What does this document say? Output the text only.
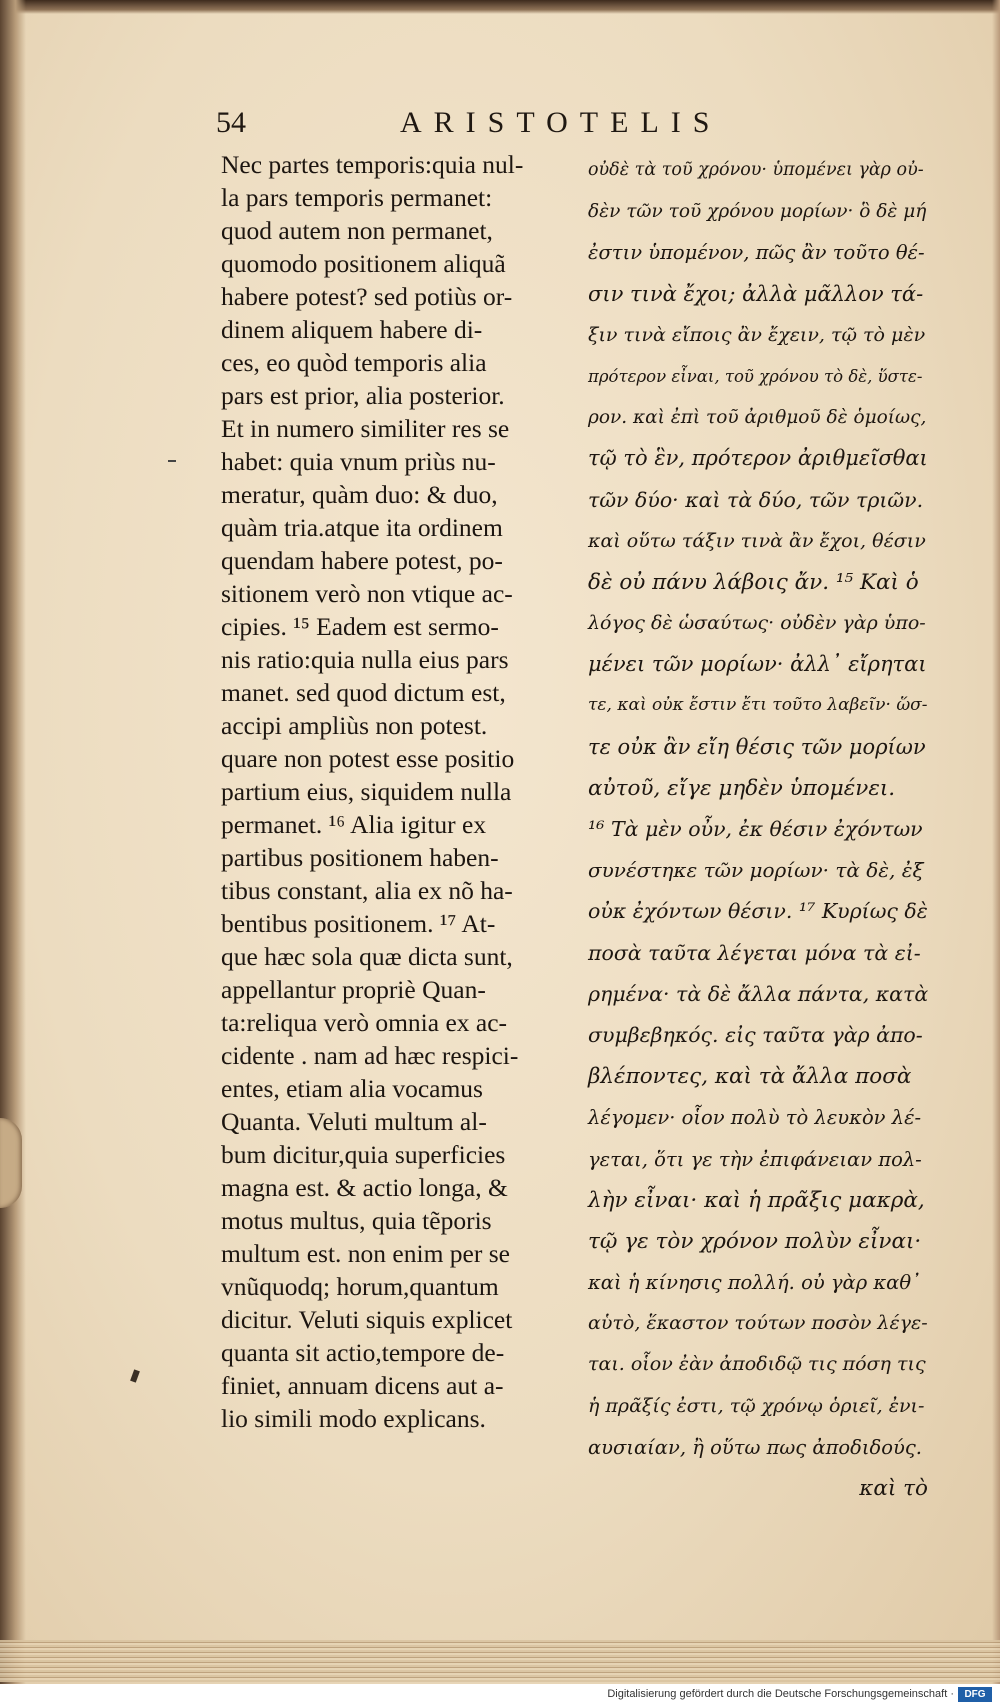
54	ARISTOTELIS
Nec partes temporis:quia nul-
la pars temporis permanet:
quod autem non permanet,
quomodo positionem aliquã
habere potest? sed potiùs or-
dinem aliquem habere di-
ces, eo quòd temporis alia
pars est prior, alia posterior.
Et in numero similiter res se
habet: quia vnum priùs nu-
meratur, quàm duo: & duo,
quàm tria.atque ita ordinem
quendam habere potest, po-
sitionem verò non vtique ac-
cipies. ¹⁵ Eadem est sermo-
nis ratio:quia nulla eius pars
manet. sed quod dictum est,
accipi ampliùs non potest.
quare non potest esse positio
partium eius, siquidem nulla
permanet. ¹⁶ Alia igitur ex
partibus positionem haben-
tibus constant, alia ex nõ ha-
bentibus positionem. ¹⁷ At-
que hæc sola quæ dicta sunt,
appellantur propriè Quan-
ta:reliqua verò omnia ex ac-
cidente . nam ad hæc respici-
entes, etiam alia vocamus
Quanta. Veluti multum al-
bum dicitur,quia superficies
magna est. & actio longa, &
motus multus, quia tẽporis
multum est. non enim per se
vnũquodq; horum,quantum
dicitur. Veluti siquis explicet
quanta sit actio,tempore de-
finiet, annuam dicens aut a-
lio simili modo explicans.
οὐδὲ τὰ τοῦ χρόνου· ὑπομένει γὰρ οὐ-
δὲν τῶν τοῦ χρόνου μορίων· ὃ δὲ μή
ἐστιν ὑπομένον, πῶς ἂν τοῦτο θέ-
σιν τινὰ ἔχοι; ἀλλὰ μᾶλλον τά-
ξιν τινὰ εἴποις ἂν ἔχειν, τῷ τὸ μὲν
πρότερον εἶναι, τοῦ χρόνου τὸ δὲ, ὕστε-
ρον. καὶ ἐπὶ τοῦ ἀριθμοῦ δὲ ὁμοίως,
τῷ τὸ ἓν, πρότερον ἀριθμεῖσθαι
τῶν δύο· καὶ τὰ δύο, τῶν τριῶν.
καὶ οὕτω τάξιν τινὰ ἂν ἔχοι, θέσιν
δὲ οὐ πάνυ λάβοις ἄν. ¹⁵ Καὶ ὁ
λόγος δὲ ὡσαύτως· οὐδὲν γὰρ ὑπο-
μένει τῶν μορίων· ἀλλ᾽ εἴρηται
τε, καὶ οὐκ ἔστιν ἔτι τοῦτο λαβεῖν· ὥσ-
τε οὐκ ἂν εἴη θέσις τῶν μορίων
αὐτοῦ, εἴγε μηδὲν ὑπομένει.
¹⁶ Τὰ μὲν οὖν, ἐκ θέσιν ἐχόντων
συνέστηκε τῶν μορίων· τὰ δὲ, ἐξ
οὐκ ἐχόντων θέσιν. ¹⁷ Κυρίως δὲ
ποσὰ ταῦτα λέγεται μόνα τὰ εἰ-
ρημένα· τὰ δὲ ἄλλα πάντα, κατὰ
συμβεβηκός. εἰς ταῦτα γὰρ ἀπο-
βλέποντες, καὶ τὰ ἄλλα ποσὰ
λέγομεν· οἷον πολὺ τὸ λευκὸν λέ-
γεται, ὅτι γε τὴν ἐπιφάνειαν πολ-
λὴν εἶναι· καὶ ἡ πρᾶξις μακρὰ,
τῷ γε τὸν χρόνον πολὺν εἶναι·
καὶ ἡ κίνησις πολλή. οὐ γὰρ καθ᾽
αὑτὸ, ἕκαστον τούτων ποσὸν λέγε-
ται. οἷον ἐὰν ἀποδιδῷ τις πόση τις
ἡ πρᾶξίς ἐστι, τῷ χρόνῳ ὁριεῖ, ἐνι-
αυσιαίαν, ἢ οὕτω πως ἀποδιδούς.
καὶ τὸ
Digitalisierung gefördert durch die Deutsche Forschungsgemeinschaft ·	DFG
